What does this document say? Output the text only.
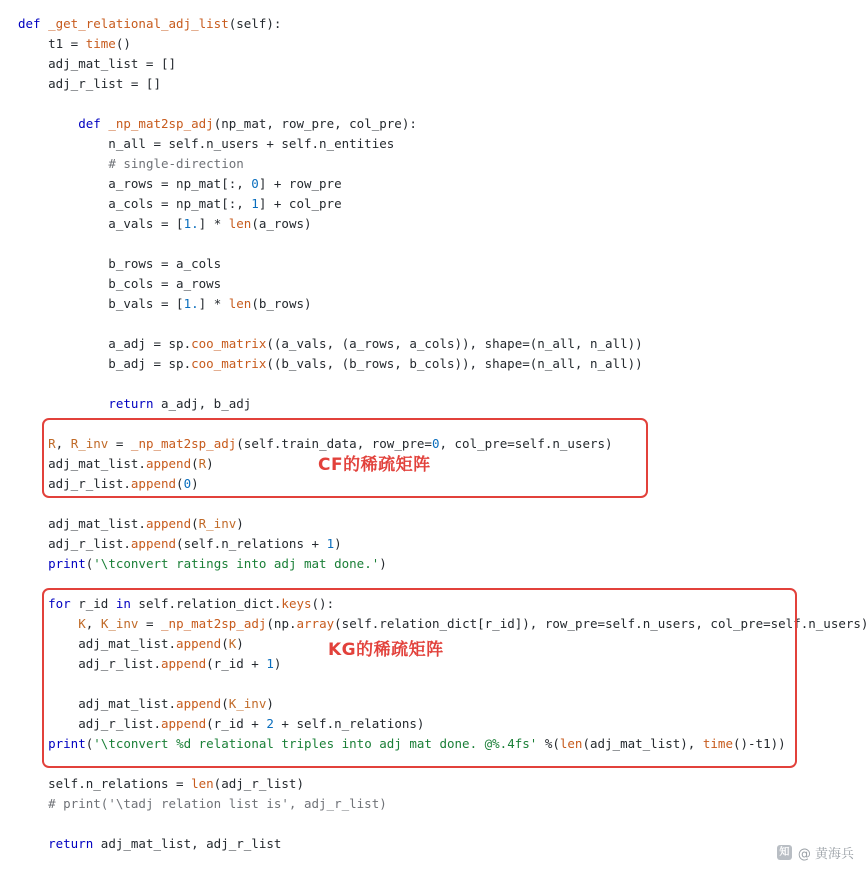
def _get_relational_adj_list(self):
t1 = time()
adj_mat_list = []
adj_r_list = []

def _np_mat2sp_adj(np_mat, row_pre, col_pre):
n_all = self.n_users + self.n_entities
# single-direction
a_rows = np_mat[:, 0] + row_pre
a_cols = np_mat[:, 1] + col_pre
a_vals = [1.] * len(a_rows)

b_rows = a_cols
b_cols = a_rows
b_vals = [1.] * len(b_rows)

a_adj = sp.coo_matrix((a_vals, (a_rows, a_cols)), shape=(n_all, n_all))
b_adj = sp.coo_matrix((b_vals, (b_rows, b_cols)), shape=(n_all, n_all))

return a_adj, b_adj

R, R_inv = _np_mat2sp_adj(self.train_data, row_pre=0, col_pre=self.n_users)
adj_mat_list.append(R)
adj_r_list.append(0)

adj_mat_list.append(R_inv)
adj_r_list.append(self.n_relations + 1)
print('\tconvert ratings into adj mat done.')

for r_id in self.relation_dict.keys():
K, K_inv = _np_mat2sp_adj(np.array(self.relation_dict[r_id]), row_pre=self.n_users, col_pre=self.n_users)
adj_mat_list.append(K)
adj_r_list.append(r_id + 1)

adj_mat_list.append(K_inv)
adj_r_list.append(r_id + 2 + self.n_relations)
print('\tconvert %d relational triples into adj mat done. @%.4fs' %(len(adj_mat_list), time()-t1))

self.n_relations = len(adj_r_list)
# print('\tadj relation list is', adj_r_list)

return adj_mat_list, adj_r_list
CF的稀疏矩阵
KG的稀疏矩阵
知 @ 黄海兵
